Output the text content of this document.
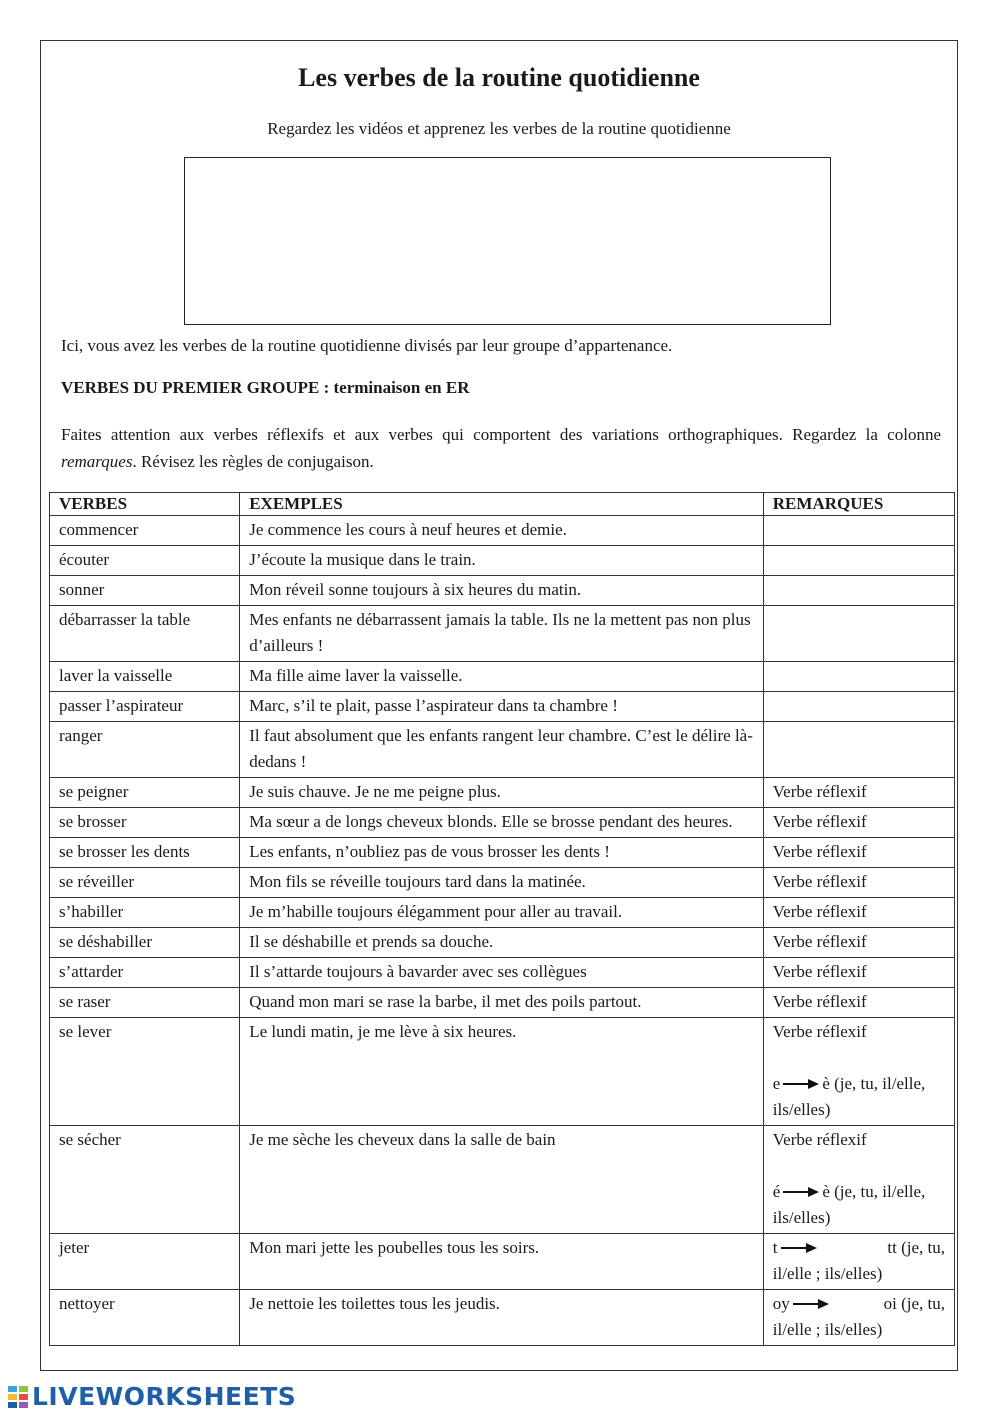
Les verbes de la routine quotidienne

Regardez les vidéos et apprenez les verbes de la routine quotidienne

Ici, vous avez les verbes de la routine quotidienne divisés par leur groupe d’appartenance.

VERBES DU PREMIER GROUPE : terminaison en ER

Faites attention aux verbes réflexifs et aux verbes qui comportent des variations orthographiques. Regardez la colonne remarques. Révisez les règles de conjugaison.

VERBES	EXEMPLES	REMARQUES
commencer	Je commence les cours à neuf heures et demie.	
écouter	J’écoute la musique dans le train.	
sonner	Mon réveil sonne toujours à six heures du matin.	
débarrasser la table	Mes enfants ne débarrassent jamais la table. Ils ne la mettent pas non plus d’ailleurs !	
laver la vaisselle	Ma fille aime laver la vaisselle.	
passer l’aspirateur	Marc, s’il te plait, passe l’aspirateur dans ta chambre !	
ranger	Il faut absolument que les enfants rangent leur chambre. C’est le délire là-dedans !	
se peigner	Je suis chauve. Je ne me peigne plus.	Verbe réflexif
se brosser	Ma sœur a de longs cheveux blonds. Elle se brosse pendant des heures.	Verbe réflexif
se brosser les dents	Les enfants, n’oubliez pas de vous brosser les dents !	Verbe réflexif
se réveiller	Mon fils se réveille toujours tard dans la matinée.	Verbe réflexif
s’habiller	Je m’habille toujours élégamment pour aller au travail.	Verbe réflexif
se déshabiller	Il se déshabille et prends sa douche.	Verbe réflexif
s’attarder	Il s’attarde toujours à bavarder avec ses collègues	Verbe réflexif
se raser	Quand mon mari se rase la barbe, il met des poils partout.	Verbe réflexif
se lever	Le lundi matin, je me lève à six heures.	Verbe réflexif
e è (je, tu, il/elle,
ils/elles)

se sécher	Je me sèche les cheveux dans la salle de bain	Verbe réflexif
é è (je, tu, il/elle,
ils/elles)

jeter	Mon mari jette les poubelles tous les soirs.	t tt (je, tu,
il/elle ; ils/elles)

nettoyer	Je nettoie les toilettes tous les jeudis.	oy oi (je, tu,
il/elle ; ils/elles)
LIVEWORKSHEETS
